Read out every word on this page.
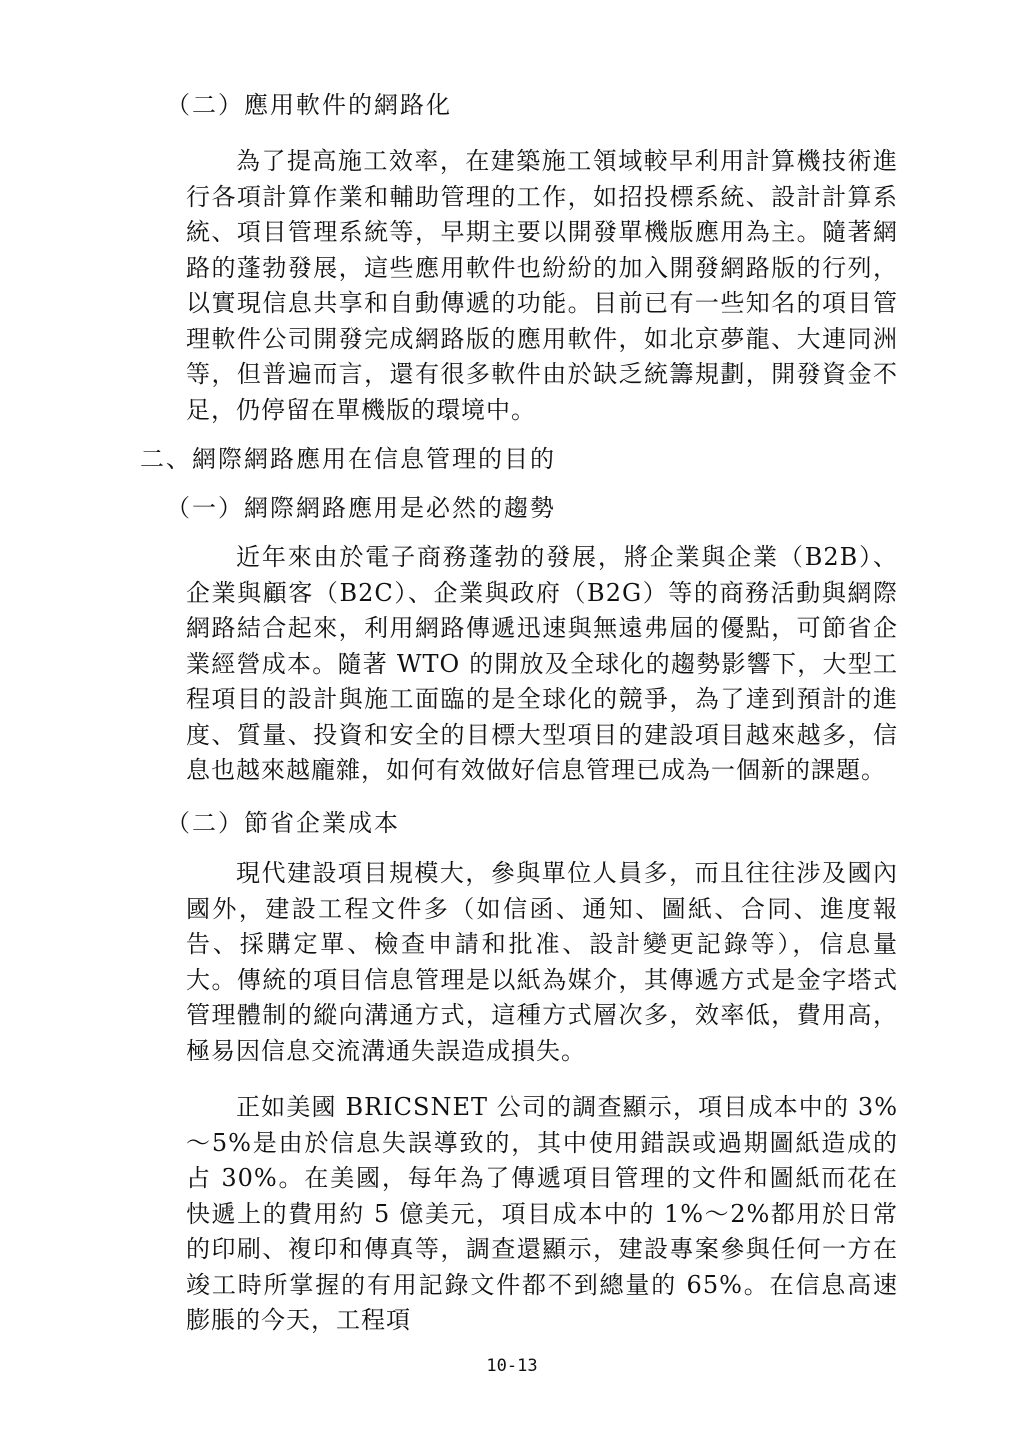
（二）應用軟件的網路化
為了提高施工效率，在建築施工領域較早利用計算機技術進行各項計算作業和輔助管理的工作，如招投標系統、設計計算系統、項目管理系統等，早期主要以開發單機版應用為主。隨著網路的蓬勃發展，這些應用軟件也紛紛的加入開發網路版的行列，以實現信息共享和自動傳遞的功能。目前已有一些知名的項目管理軟件公司開發完成網路版的應用軟件，如北京夢龍、大連同洲等，但普遍而言，還有很多軟件由於缺乏統籌規劃，開發資金不足，仍停留在單機版的環境中。
二、網際網路應用在信息管理的目的
（一）網際網路應用是必然的趨勢
近年來由於電子商務蓬勃的發展，將企業與企業（B2B）、企業與顧客（B2C）、企業與政府（B2G）等的商務活動與網際網路結合起來，利用網路傳遞迅速與無遠弗屆的優點，可節省企業經營成本。隨著 WTO 的開放及全球化的趨勢影響下，大型工程項目的設計與施工面臨的是全球化的競爭，為了達到預計的進度、質量、投資和安全的目標大型項目的建設項目越來越多，信息也越來越龐雜，如何有效做好信息管理已成為一個新的課題。
（二）節省企業成本
現代建設項目規模大，參與單位人員多，而且往往涉及國內國外，建設工程文件多（如信函、通知、圖紙、合同、進度報告、採購定單、檢查申請和批准、設計變更記錄等），信息量大。傳統的項目信息管理是以紙為媒介，其傳遞方式是金字塔式管理體制的縱向溝通方式，這種方式層次多，效率低，費用高，極易因信息交流溝通失誤造成損失。
正如美國 BRICSNET 公司的調查顯示，項目成本中的 3%～5%是由於信息失誤導致的，其中使用錯誤或過期圖紙造成的占 30%。在美國，每年為了傳遞項目管理的文件和圖紙而花在快遞上的費用約 5 億美元，項目成本中的 1%～2%都用於日常的印刷、複印和傳真等，調查還顯示，建設專案參與任何一方在竣工時所掌握的有用記錄文件都不到總量的 65%。在信息高速膨脹的今天，工程項
10-13
